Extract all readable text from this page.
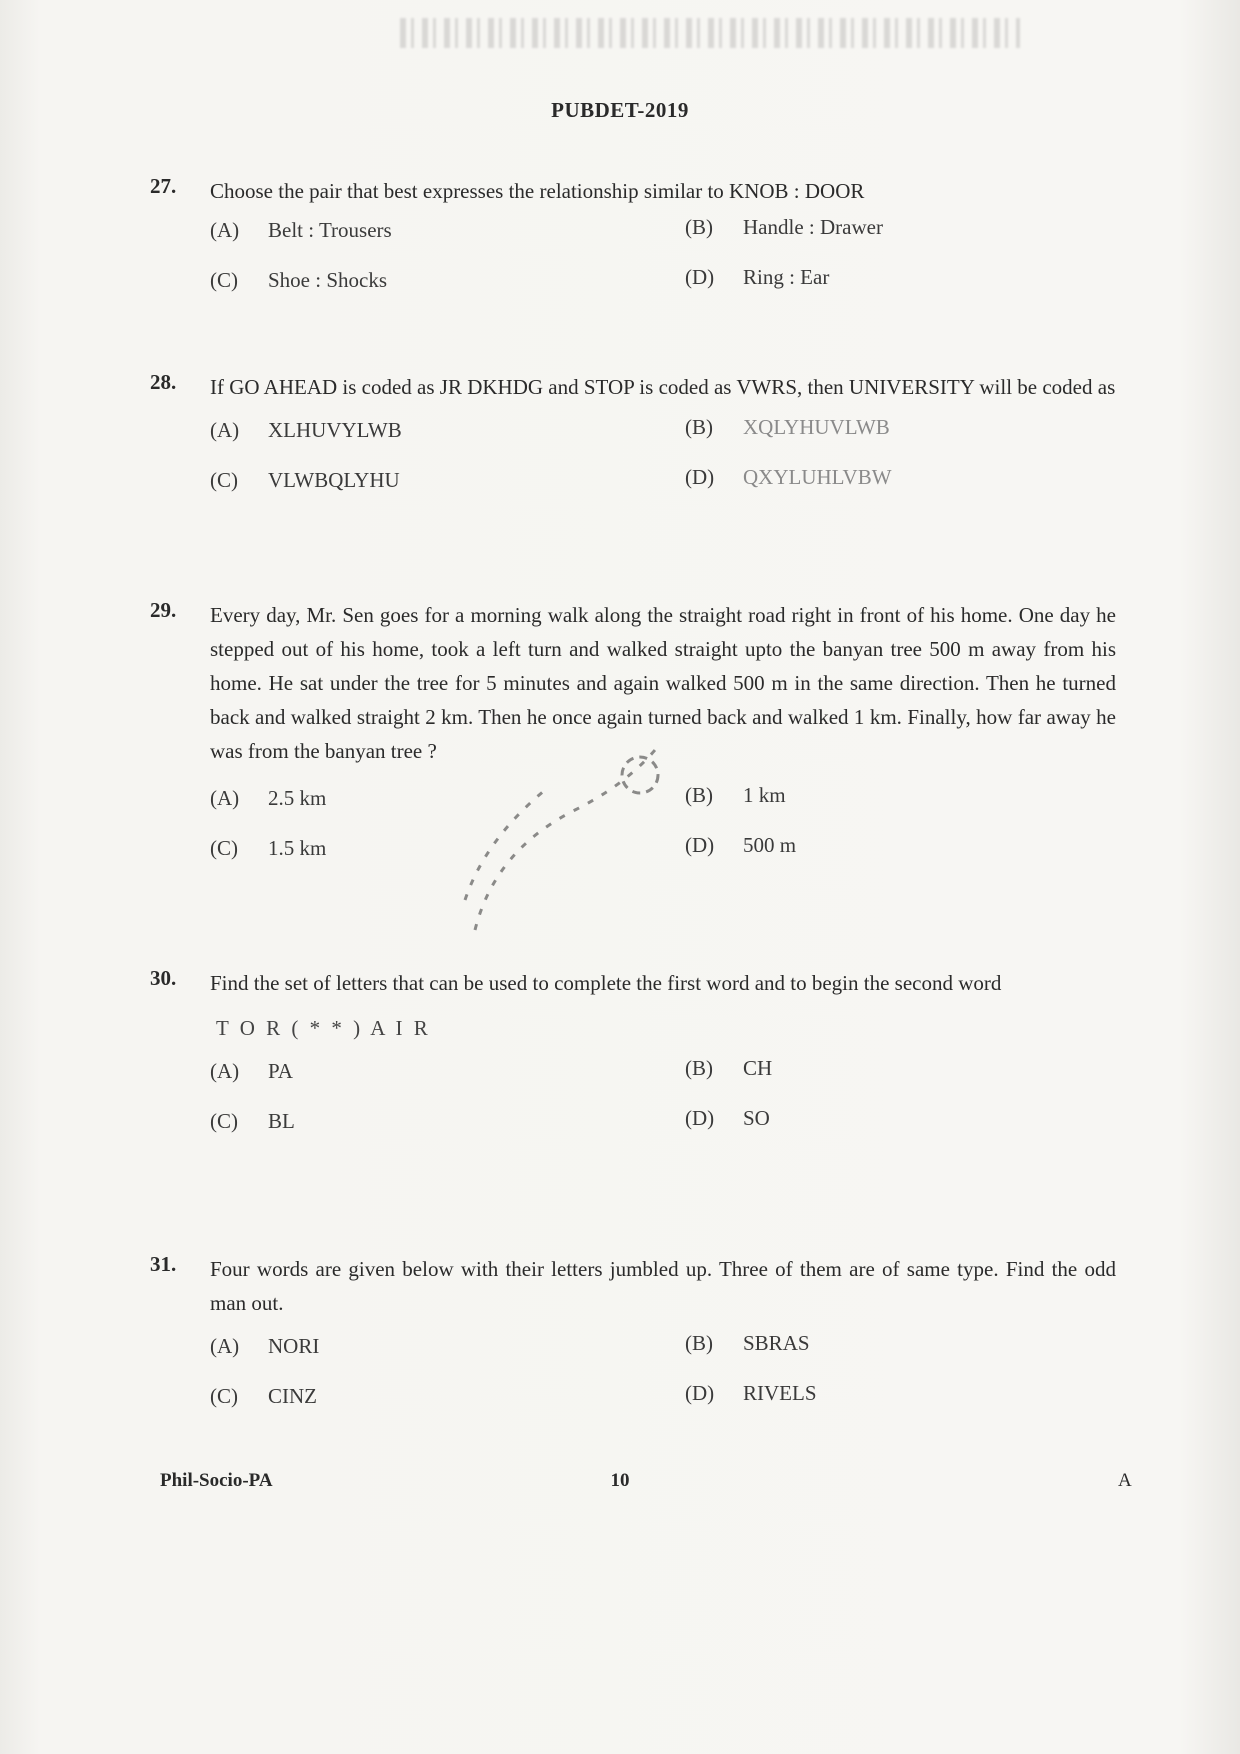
PUBDET-2019
27. Choose the pair that best expresses the relationship similar to KNOB : DOOR
(A) Belt : Trousers	(B) Handle : Drawer
(C) Shoe : Shocks	(D) Ring : Ear
28. If GO AHEAD is coded as JR DKHDG and STOP is coded as VWRS, then UNIVERSITY will be coded as
(A) XLHUVYLWB	(B) XQLYHUVLWB
(C) VLWBQLYHU	(D) QXYLUHLVBW
29. Every day, Mr. Sen goes for a morning walk along the straight road right in front of his home. One day he stepped out of his home, took a left turn and walked straight upto the banyan tree 500 m away from his home. He sat under the tree for 5 minutes and again walked 500 m in the same direction. Then he turned back and walked straight 2 km. Then he once again turned back and walked 1 km. Finally, how far away he was from the banyan tree ?
(A) 2.5 km	(B) 1 km
(C) 1.5 km	(D) 500 m
30. Find the set of letters that can be used to complete the first word and to begin the second word
T O R ( * * ) A I R
(A) PA	(B) CH
(C) BL	(D) SO
31. Four words are given below with their letters jumbled up. Three of them are of same type. Find the odd man out.
(A) NORI	(B) SBRAS
(C) CINZ	(D) RIVELS
Phil-Socio-PA	10	A
